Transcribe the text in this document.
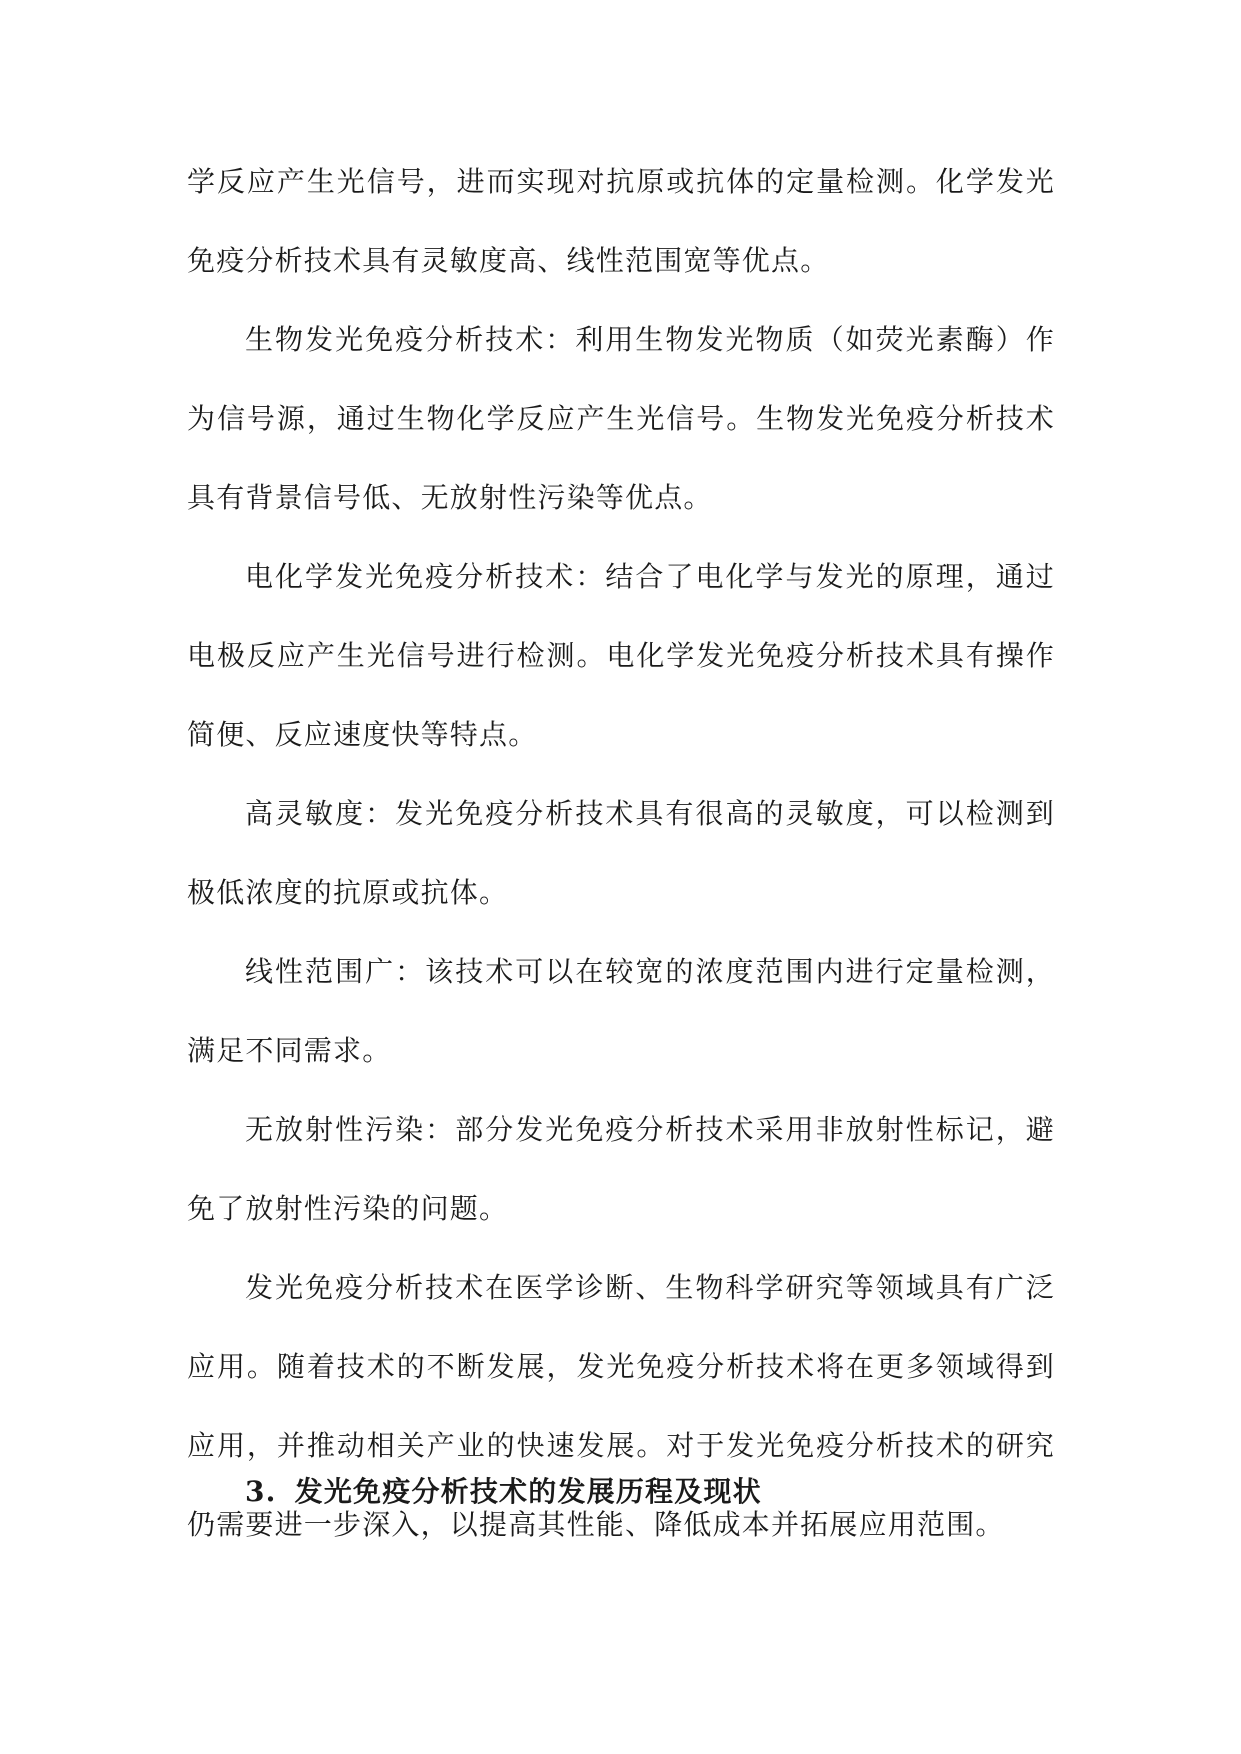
学反应产生光信号，进而实现对抗原或抗体的定量检测。化学发光免疫分析技术具有灵敏度高、线性范围宽等优点。

生物发光免疫分析技术：利用生物发光物质（如荧光素酶）作为信号源，通过生物化学反应产生光信号。生物发光免疫分析技术具有背景信号低、无放射性污染等优点。

电化学发光免疫分析技术：结合了电化学与发光的原理，通过电极反应产生光信号进行检测。电化学发光免疫分析技术具有操作简便、反应速度快等特点。

高灵敏度：发光免疫分析技术具有很高的灵敏度，可以检测到极低浓度的抗原或抗体。

线性范围广：该技术可以在较宽的浓度范围内进行定量检测，满足不同需求。

无放射性污染：部分发光免疫分析技术采用非放射性标记，避免了放射性污染的问题。

发光免疫分析技术在医学诊断、生物科学研究等领域具有广泛应用。随着技术的不断发展，发光免疫分析技术将在更多领域得到应用，并推动相关产业的快速发展。对于发光免疫分析技术的研究仍需要进一步深入，以提高其性能、降低成本并拓展应用范围。

3. 发光免疫分析技术的发展历程及现状
